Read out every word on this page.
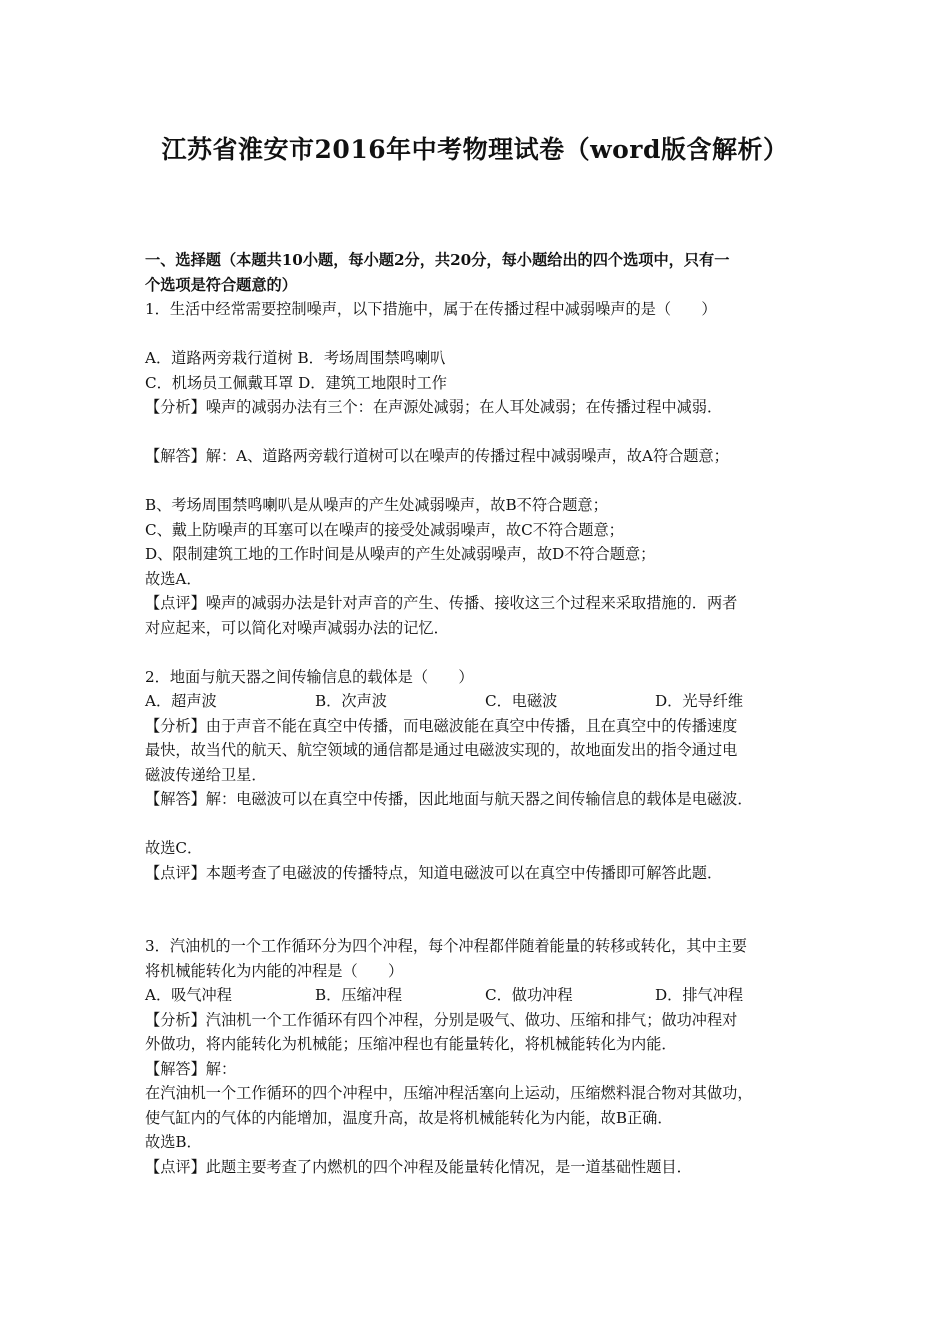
江苏省淮安市2016年中考物理试卷（word版含解析）
一、选择题（本题共10小题，每小题2分，共20分，每小题给出的四个选项中，只有一
个选项是符合题意的）
1．生活中经常需要控制噪声，以下措施中，属于在传播过程中减弱噪声的是（　　）
A．道路两旁栽行道树 B．考场周围禁鸣喇叭
C．机场员工佩戴耳罩 D．建筑工地限时工作
【分析】噪声的减弱办法有三个：在声源处减弱；在人耳处减弱；在传播过程中减弱．
【解答】解：A、道路两旁载行道树可以在噪声的传播过程中减弱噪声，故A符合题意；
B、考场周围禁鸣喇叭是从噪声的产生处减弱噪声，故B不符合题意；
C、戴上防噪声的耳塞可以在噪声的接受处减弱噪声，故C不符合题意；
D、限制建筑工地的工作时间是从噪声的产生处减弱噪声，故D不符合题意；
故选A．
【点评】噪声的减弱办法是针对声音的产生、传播、接收这三个过程来采取措施的．两者
对应起来，可以简化对噪声减弱办法的记忆．
2．地面与航天器之间传输信息的载体是（　　）
A．超声波	B．次声波	C．电磁波	D．光导纤维
【分析】由于声音不能在真空中传播，而电磁波能在真空中传播，且在真空中的传播速度
最快，故当代的航天、航空领域的通信都是通过电磁波实现的，故地面发出的指令通过电
磁波传递给卫星．
【解答】解：电磁波可以在真空中传播，因此地面与航天器之间传输信息的载体是电磁波．
故选C．
【点评】本题考查了电磁波的传播特点，知道电磁波可以在真空中传播即可解答此题．
3．汽油机的一个工作循环分为四个冲程，每个冲程都伴随着能量的转移或转化，其中主要
将机械能转化为内能的冲程是（　　）
A．吸气冲程	B．压缩冲程	C．做功冲程	D．排气冲程
【分析】汽油机一个工作循环有四个冲程，分别是吸气、做功、压缩和排气；做功冲程对
外做功，将内能转化为机械能；压缩冲程也有能量转化，将机械能转化为内能．
【解答】解：
在汽油机一个工作循环的四个冲程中，压缩冲程活塞向上运动，压缩燃料混合物对其做功，
使气缸内的气体的内能增加，温度升高，故是将机械能转化为内能，故B正确．
故选B．
【点评】此题主要考查了内燃机的四个冲程及能量转化情况，是一道基础性题目．
